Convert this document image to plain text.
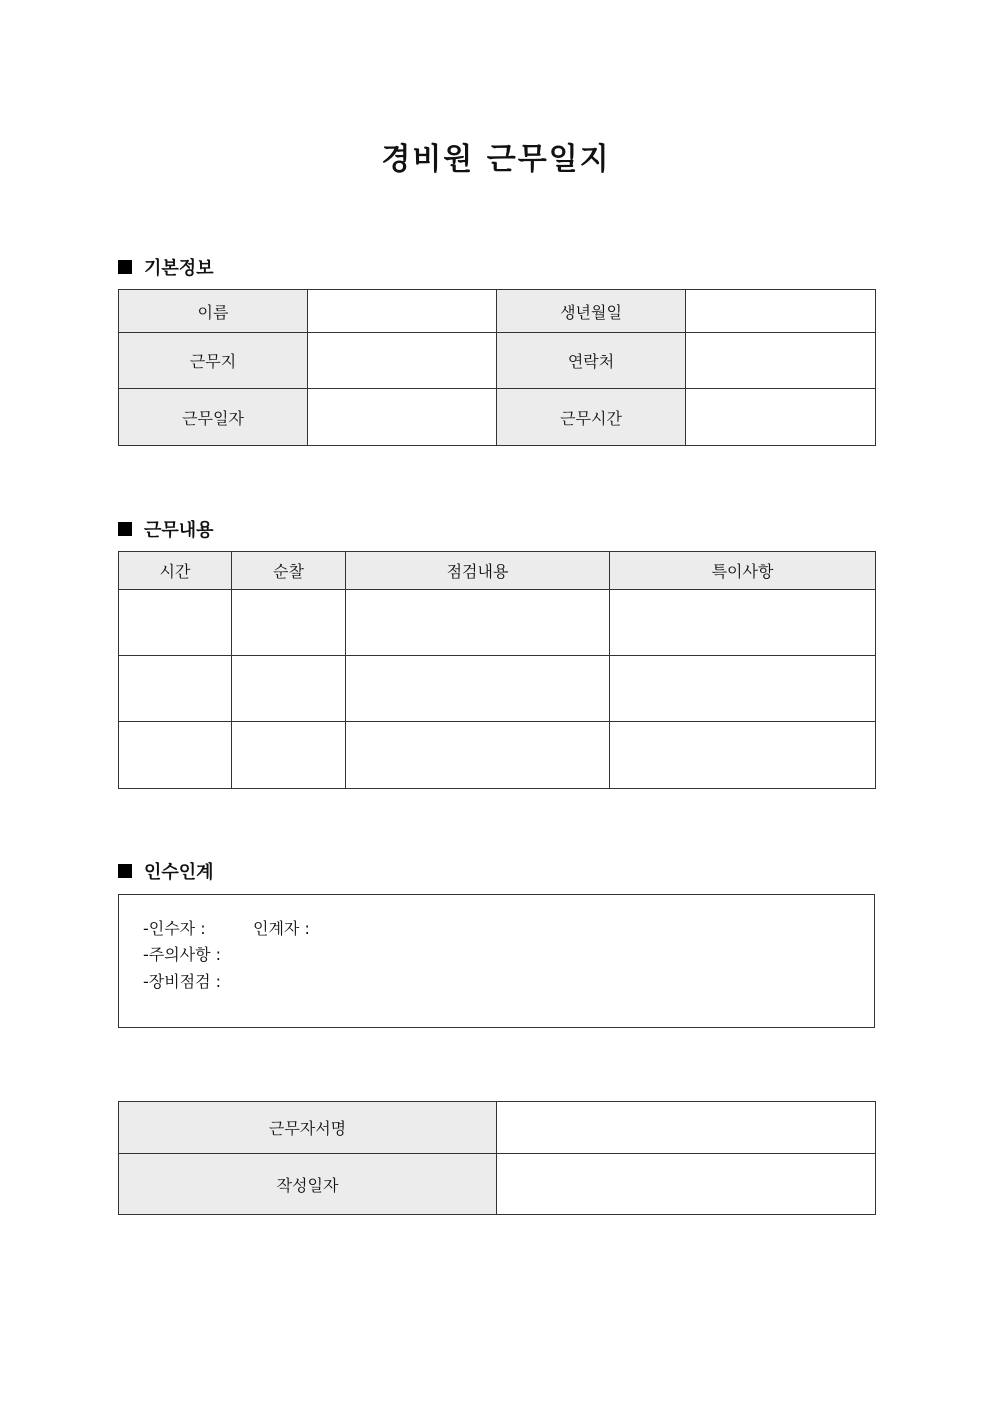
경비원 근무일지
기본정보
이름		생년월일	
근무지		연락처	
근무일자		근무시간	
근무내용
시간	순찰	점검내용	특이사항

인수인계
-인수자 :	인계자 :
-주의사항 :
-장비점검 :
근무자서명	
작성일자	
